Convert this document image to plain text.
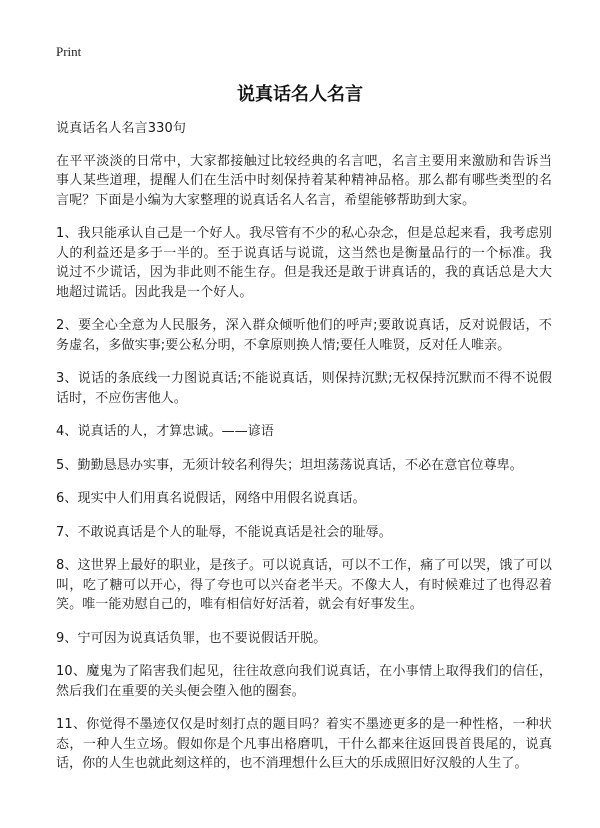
Print
说真话名人名言

说真话名人名言330句

在平平淡淡的日常中，大家都接触过比较经典的名言吧，名言主要用来激励和告诉当事人某些道理，提醒人们在生活中时刻保持着某种精神品格。那么都有哪些类型的名言呢？下面是小编为大家整理的说真话名人名言，希望能够帮助到大家。

1、我只能承认自己是一个好人。我尽管有不少的私心杂念，但是总起来看，我考虑别人的利益还是多于一半的。至于说真话与说谎，这当然也是衡量品行的一个标准。我说过不少谎话，因为非此则不能生存。但是我还是敢于讲真话的，我的真话总是大大地超过谎话。因此我是一个好人。

2、要全心全意为人民服务，深入群众倾听他们的呼声;要敢说真话，反对说假话，不务虚名，多做实事;要公私分明，不拿原则换人情;要任人唯贤，反对任人唯亲。

3、说话的条底线一力图说真话;不能说真话，则保持沉默;无权保持沉默而不得不说假话时，不应伤害他人。

4、说真话的人，才算忠诚。——谚语

5、勤勤恳恳办实事，无须计较名利得失；坦坦荡荡说真话，不必在意官位尊卑。

6、现实中人们用真名说假话，网络中用假名说真话。

7、不敢说真话是个人的耻辱，不能说真话是社会的耻辱。

8、这世界上最好的职业，是孩子。可以说真话，可以不工作，痛了可以哭，饿了可以叫，吃了糖可以开心，得了夸也可以兴奋老半天。不像大人，有时候难过了也得忍着笑。唯一能劝慰自己的，唯有相信好好活着，就会有好事发生。

9、宁可因为说真话负罪，也不要说假话开脱。

10、魔鬼为了陷害我们起见，往往故意向我们说真话，在小事情上取得我们的信任，然后我们在重要的关头便会堕入他的圈套。

11、你觉得不墨迹仅仅是时刻打点的题目吗？着实不墨迹更多的是一种性格，一种状态，一种人生立场。假如你是个凡事出格磨叽，干什么都来往返回畏首畏尾的，说真话，你的人生也就此刻这样的，也不消理想什么巨大的乐成照旧好汉般的人生了。
